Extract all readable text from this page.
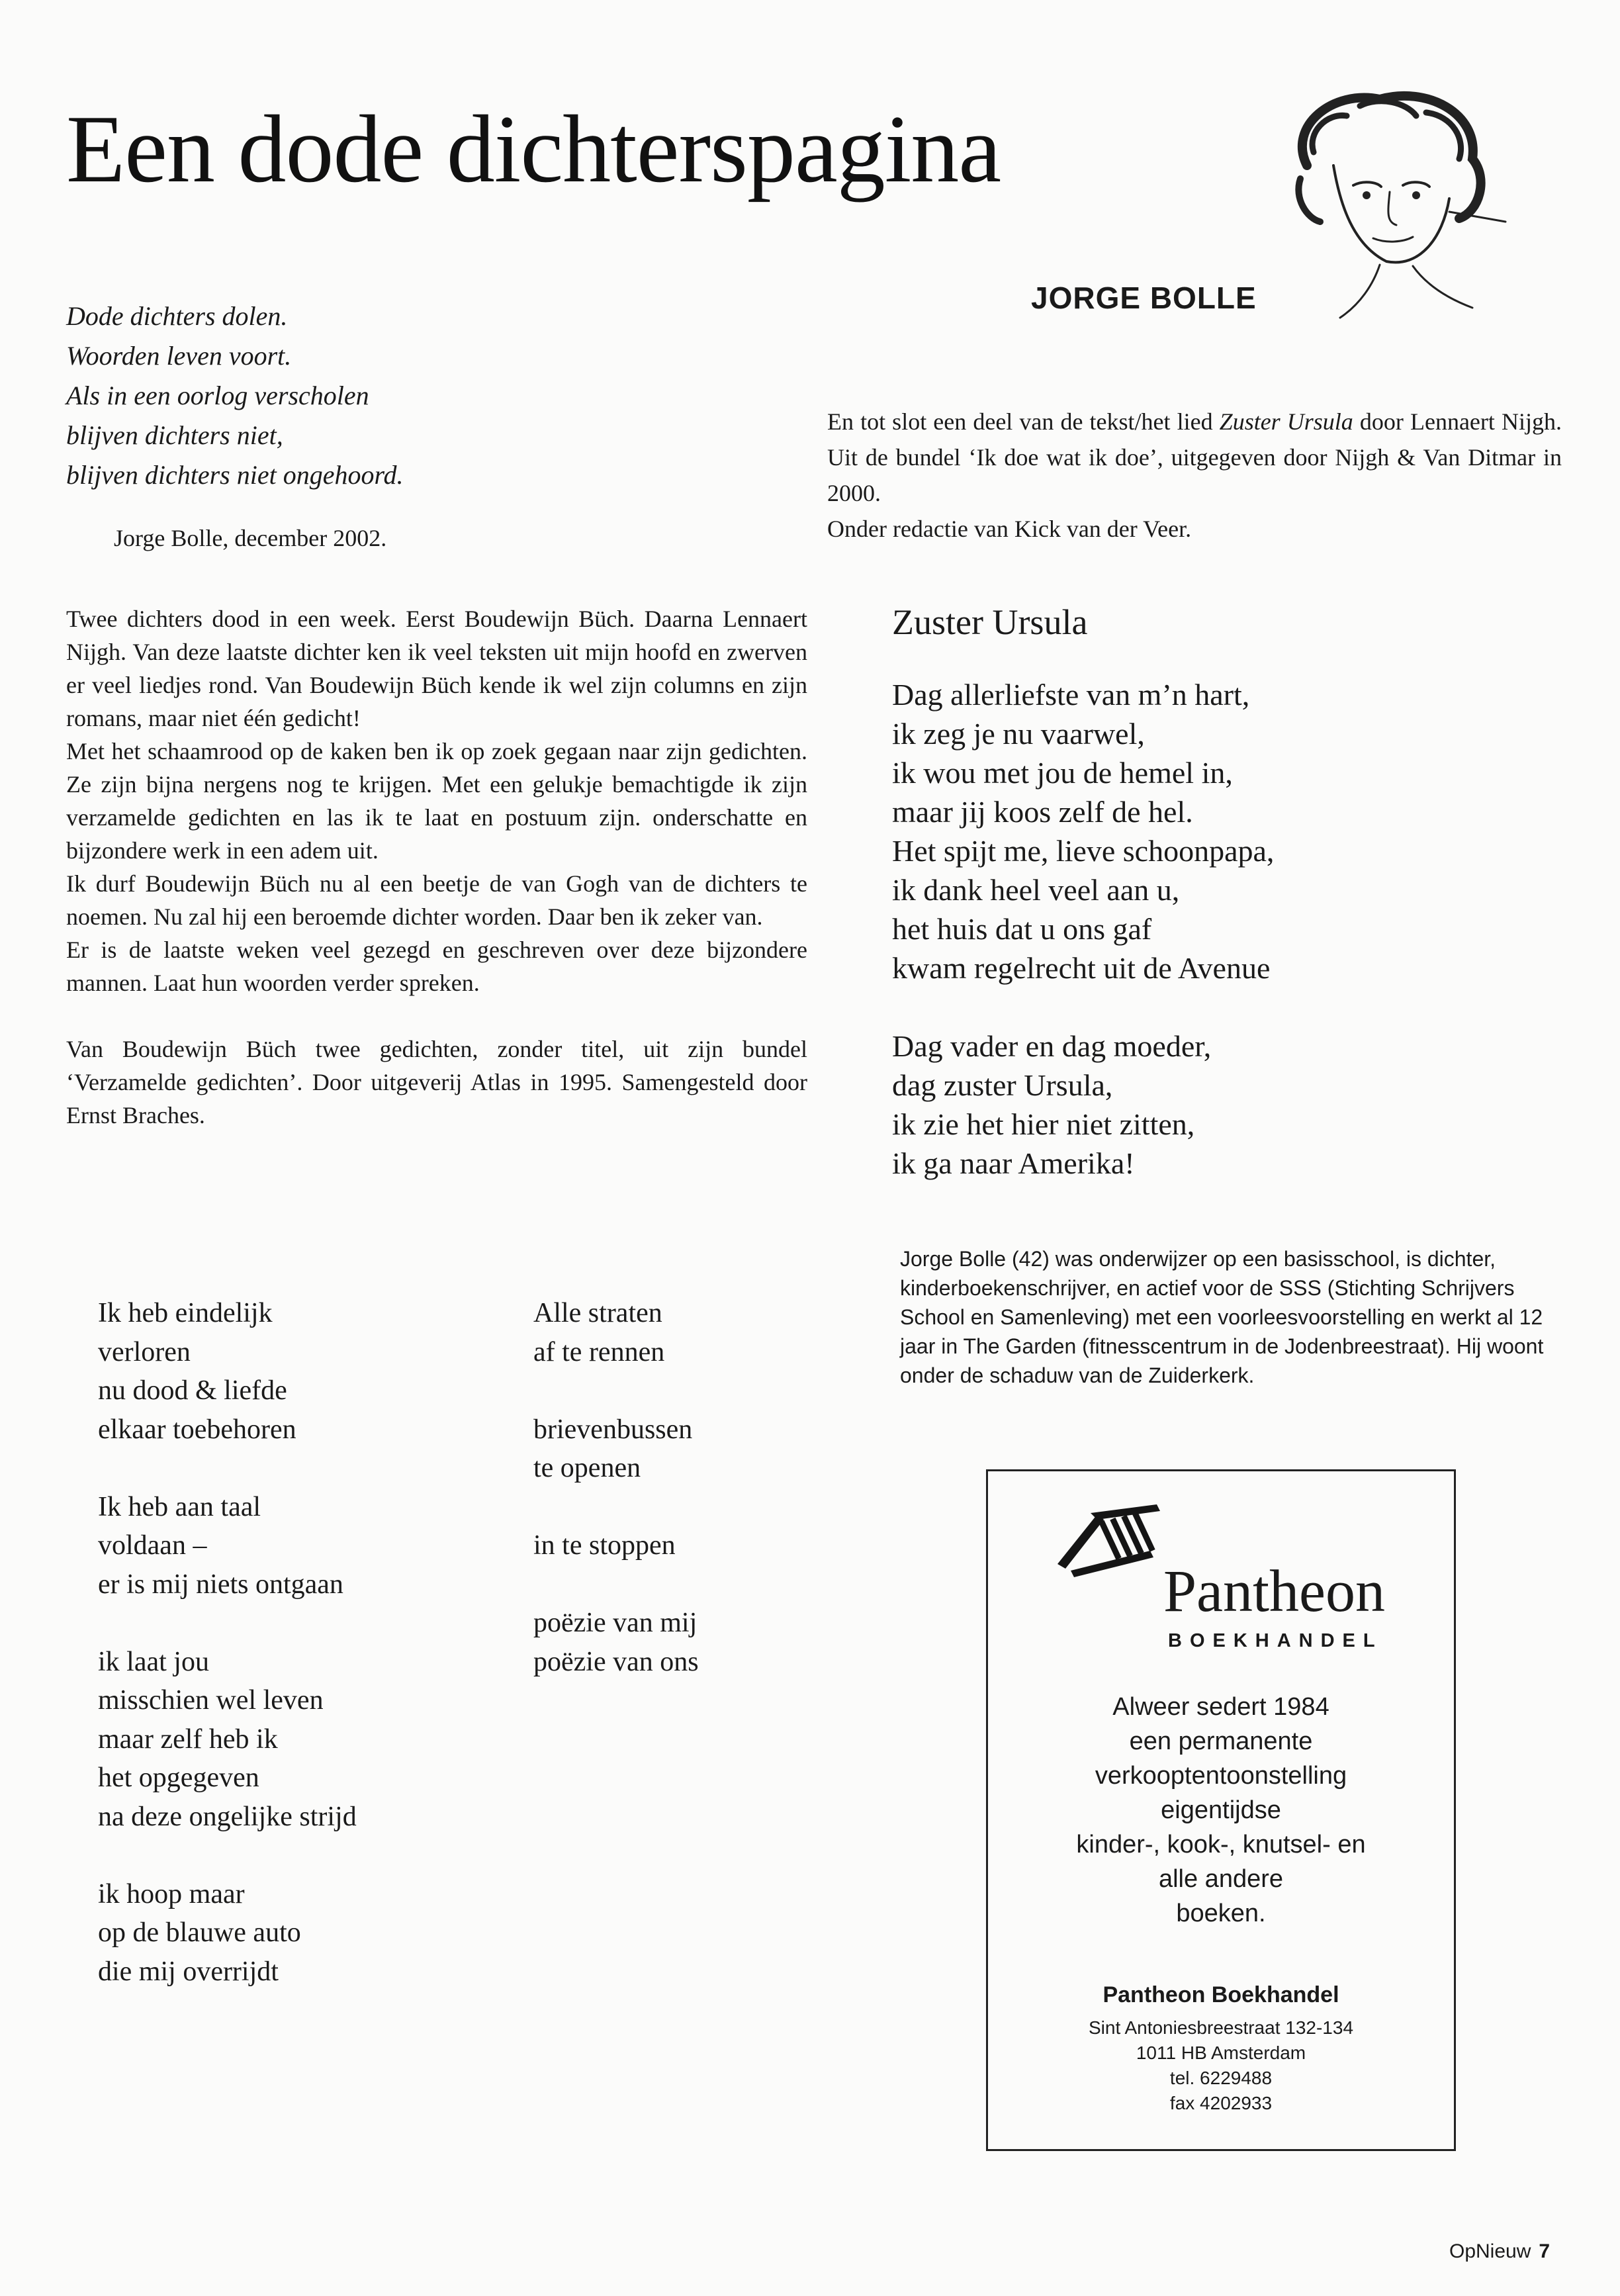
Een dode dichterspagina
JORGE BOLLE
Dode dichters dolen.
Woorden leven voort.
Als in een oorlog verscholen
blijven dichters niet,
blijven dichters niet ongehoord.
Jorge Bolle, december 2002.
En tot slot een deel van de tekst/het lied Zuster Ursula door Lennaert Nijgh. Uit de bundel ‘Ik doe wat ik doe’, uitgegeven door Nijgh & Van Ditmar in 2000.
Onder redactie van Kick van der Veer.

Twee dichters dood in een week. Eerst Boudewijn Büch. Daarna Lennaert Nijgh. Van deze laatste dichter ken ik veel teksten uit mijn hoofd en zwerven er veel liedjes rond. Van Boudewijn Büch kende ik wel zijn columns en zijn romans, maar niet één gedicht!

Met het schaamrood op de kaken ben ik op zoek gegaan naar zijn gedichten. Ze zijn bijna nergens nog te krijgen. Met een gelukje bemachtigde ik zijn verzamelde gedichten en las ik te laat en postuum zijn. onderschatte en bijzondere werk in een adem uit.

Ik durf Boudewijn Büch nu al een beetje de van Gogh van de dichters te noemen. Nu zal hij een beroemde dichter worden. Daar ben ik zeker van.

Er is de laatste weken veel gezegd en geschreven over deze bijzondere mannen. Laat hun woorden verder spreken.

Van Boudewijn Büch twee gedichten, zonder titel, uit zijn bundel ‘Verzamelde gedichten’. Door uitgeverij Atlas in 1995. Samengesteld door Ernst Braches.

Zuster Ursula
Dag allerliefste van m’n hart,
ik zeg je nu vaarwel,
ik wou met jou de hemel in,
maar jij koos zelf de hel.
Het spijt me, lieve schoonpapa,
ik dank heel veel aan u,
het huis dat u ons gaf
kwam regelrecht uit de Avenue
Dag vader en dag moeder,
dag zuster Ursula,
ik zie het hier niet zitten,
ik ga naar Amerika!
Jorge Bolle (42) was onderwijzer op een basisschool, is dichter, kinderboekenschrijver, en actief voor de SSS (Stichting Schrijvers School en Samenleving) met een voorleesvoorstelling en werkt al 12 jaar in The Garden (fitnesscentrum in de Jodenbreestraat). Hij woont onder de schaduw van de Zuiderkerk.
Ik heb eindelijk
verloren
nu dood & liefde
elkaar toebehoren
Ik heb aan taal
voldaan –
er is mij niets ontgaan
ik laat jou
misschien wel leven
maar zelf heb ik
het opgegeven
na deze ongelijke strijd
ik hoop maar
op de blauwe auto
die mij overrijdt
Alle straten
af te rennen
brievenbussen
te openen
in te stoppen
poëzie van mij
poëzie van ons
Pantheon
BOEKHANDEL
Alweer sedert 1984
een permanente
verkooptentoonstelling
eigentijdse
kinder-, kook-, knutsel- en
alle andere
boeken.
Pantheon Boekhandel
Sint Antoniesbreestraat 132-134
1011 HB Amsterdam
tel. 6229488
fax 4202933
OpNieuw 7
